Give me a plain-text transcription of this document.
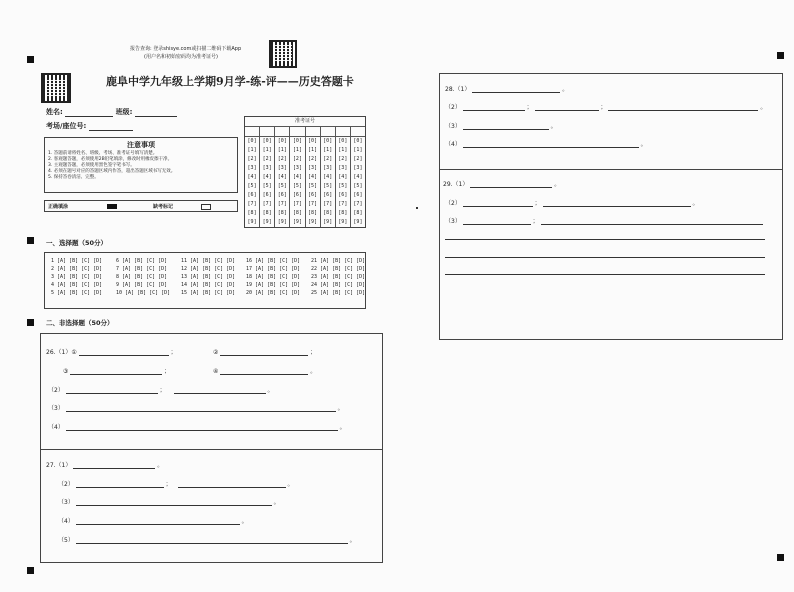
报告查询: 登录shisye.com或扫描二维码下载App
(用户名和初始密码均为准考证号)
鹿阜中学九年级上学期9月学-练-评——历史答题卡
姓名:	班级:
考场/座位号:
注意事项
1. 答题前请将姓名、班级、考场、准考证号填写清楚。
2. 客观题答题，必须使用2B铅笔填涂，修改时用橡皮擦干净。
3. 主观题答题，必须使用黑色签字笔书写。
4. 必须在题号对应的答题区域内作答，超出答题区域书写无效。
5. 保持答卷清洁、完整。
正确填涂	缺考标记
准考证号
[0]	[0]	[0]	[0]	[0]	[0]	[0]	[0]
[1]	[1]	[1]	[1]	[1]	[1]	[1]	[1]
[2]	[2]	[2]	[2]	[2]	[2]	[2]	[2]
[3]	[3]	[3]	[3]	[3]	[3]	[3]	[3]
[4]	[4]	[4]	[4]	[4]	[4]	[4]	[4]
[5]	[5]	[5]	[5]	[5]	[5]	[5]	[5]
[6]	[6]	[6]	[6]	[6]	[6]	[6]	[6]
[7]	[7]	[7]	[7]	[7]	[7]	[7]	[7]
[8]	[8]	[8]	[8]	[8]	[8]	[8]	[8]
[9]	[9]	[9]	[9]	[9]	[9]	[9]	[9]
一、选择题（50分）
1 [A] [B] [C] [D]	6 [A] [B] [C] [D]	11 [A] [B] [C] [D]	16 [A] [B] [C] [D]	21 [A] [B] [C] [D]
2 [A] [B] [C] [D]	7 [A] [B] [C] [D]	12 [A] [B] [C] [D]	17 [A] [B] [C] [D]	22 [A] [B] [C] [D]
3 [A] [B] [C] [D]	8 [A] [B] [C] [D]	13 [A] [B] [C] [D]	18 [A] [B] [C] [D]	23 [A] [B] [C] [D]
4 [A] [B] [C] [D]	9 [A] [B] [C] [D]	14 [A] [B] [C] [D]	19 [A] [B] [C] [D]	24 [A] [B] [C] [D]
5 [A] [B] [C] [D]	10 [A] [B] [C] [D]	15 [A] [B] [C] [D]	20 [A] [B] [C] [D]	25 [A] [B] [C] [D]
二、非选择题（50分）
26.（1）①	；	②	；
③	；	④	。
（2）	；	。
（3）	。
（4）	。
27.（1）	。
（2）	；	。
（3）	。
（4）	。
（5）	。
28.（1）	。
（2）	；	；	。
（3）	。
（4）	。
29.（1）	。
（2）	；	。
（3）	；
